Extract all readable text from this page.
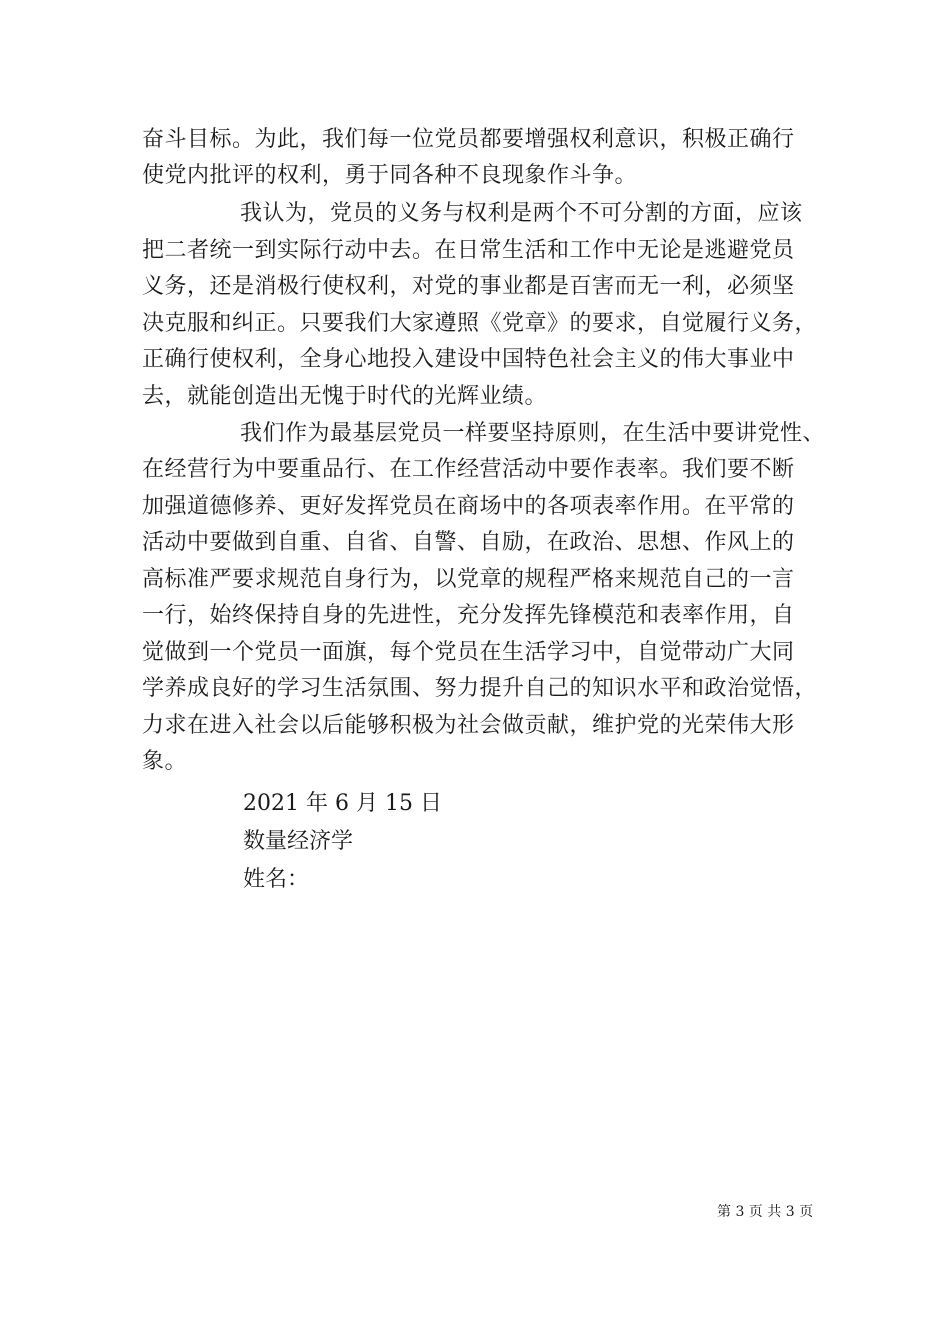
奋斗目标。为此，我们每一位党员都要增强权利意识，积极正确行
使党内批评的权利，勇于同各种不良现象作斗争。
我认为，党员的义务与权利是两个不可分割的方面，应该
把二者统一到实际行动中去。在日常生活和工作中无论是逃避党员
义务，还是消极行使权利，对党的事业都是百害而无一利，必须坚
决克服和纠正。只要我们大家遵照《党章》的要求，自觉履行义务，
正确行使权利，全身心地投入建设中国特色社会主义的伟大事业中
去，就能创造出无愧于时代的光辉业绩。
我们作为最基层党员一样要坚持原则，在生活中要讲党性、
在经营行为中要重品行、在工作经营活动中要作表率。我们要不断
加强道德修养、更好发挥党员在商场中的各项表率作用。在平常的
活动中要做到自重、自省、自警、自励，在政治、思想、作风上的
高标准严要求规范自身行为，以党章的规程严格来规范自己的一言
一行，始终保持自身的先进性，充分发挥先锋模范和表率作用，自
觉做到一个党员一面旗，每个党员在生活学习中，自觉带动广大同
学养成良好的学习生活氛围、努力提升自己的知识水平和政治觉悟，
力求在进入社会以后能够积极为社会做贡献，维护党的光荣伟大形
象。
2021 年 6 月 15 日
数量经济学
姓名：
第 3 页 共 3 页
